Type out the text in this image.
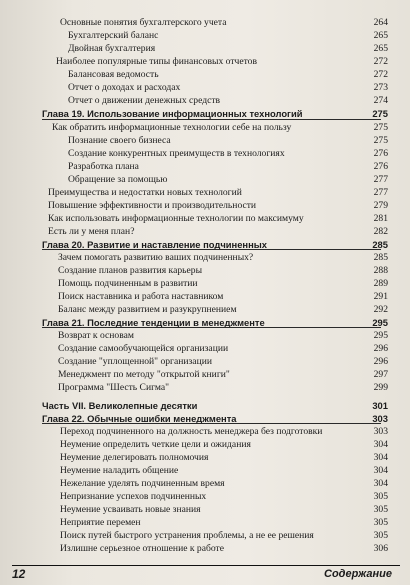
Основные понятия бухгалтерского учета	264
Бухгалтерский баланс	265
Двойная бухгалтерия	265
Наиболее популярные типы финансовых отчетов	272
Балансовая ведомость	272
Отчет о доходах и расходах	273
Отчет о движении денежных средств	274
Глава 19. Использование информационных технологий	275
Как обратить информационные технологии себе на пользу	275
Познание своего бизнеса	275
Создание конкурентных преимуществ в технологиях	276
Разработка плана	276
Обращение за помощью	277
Преимущества и недостатки новых технологий	277
Повышение эффективности и производительности	279
Как использовать информационные технологии по максимуму	281
Есть ли у меня план?	282
Глава 20. Развитие и наставление подчиненных	285
Зачем помогать развитию ваших подчиненных?	285
Создание планов развития карьеры	288
Помощь подчиненным в развитии	289
Поиск наставника и работа наставником	291
Баланс между развитием и разукрупнением	292
Глава 21. Последние тенденции в менеджменте	295
Возврат к основам	295
Создание самообучающейся организации	296
Создание "уплощенной" организации	296
Менеджмент по методу "открытой книги"	297
Программа "Шесть Сигма"	299
Часть VII. Великолепные десятки	301
Глава 22. Обычные ошибки менеджмента	303
Переход подчиненного на должность менеджера без подготовки	303
Неумение определить четкие цели и ожидания	304
Неумение делегировать полномочия	304
Неумение наладить общение	304
Нежелание уделять подчиненным время	304
Непризнание успехов подчиненных	305
Неумение усваивать новые знания	305
Неприятие перемен	305
Поиск путей быстрого устранения проблемы, а не ее решения	305
Излишне серьезное отношение к работе	306
12	Содержание
